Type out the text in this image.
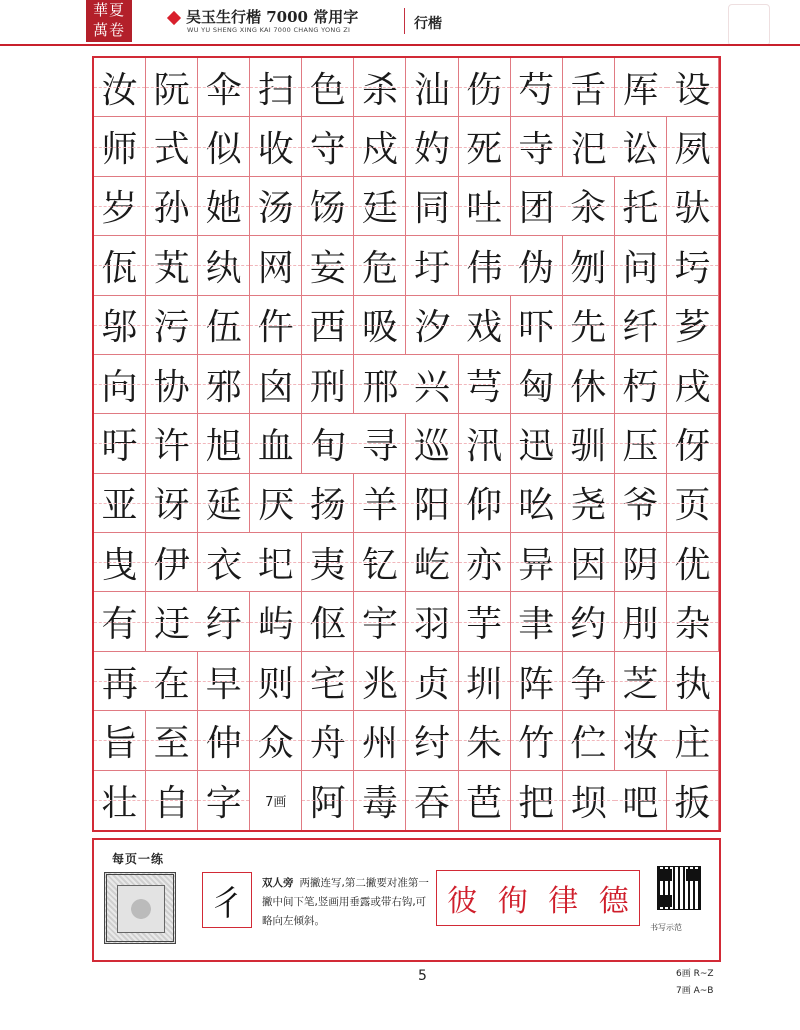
華夏
萬卷
吴玉生行楷 7000 常用字
WU YU SHENG XING KAI 7000 CHANG YONG ZI	行楷
汝 阮 伞 扫 色 杀 汕 伤 芍 舌 厍 设
师 式 似 收 守 戍 妁 死 寺 汜 讼 夙
岁 孙 她 汤 饧 廷 同 吐 团 汆 托 驮
佤 芄 纨 网 妄 危 圩 伟 伪 刎 问 圬
邬 污 伍 仵 西 吸 汐 戏 吓 先 纤 芗
向 协 邪 囟 刑 邢 兴 芎 匈 休 朽 戌
吁 许 旭 血 旬 寻 巡 汛 迅 驯 压 伢
亚 讶 延 厌 扬 羊 阳 仰 吆 尧 爷 页
曳 伊 衣 圯 夷 钇 屹 亦 异 因 阴 优
有 迂 纡 屿 伛 宇 羽 芋 聿 约 刖 杂
再 在 早 则 宅 兆 贞 圳 阵 争 芝 执
旨 至 仲 众 舟 州 纣 朱 竹 伫 妆 庄
壮 自 字	7画 阿 毒 吞 芭 把 坝 吧 扳
每页一练
彳
双人旁 两撇连写,第二撇要对准第一撇中间下笔,竖画用垂露或带右钩,可略向左倾斜。
彼 徇 律 德
书写示范
5	6画 R~Z
7画 A~B
